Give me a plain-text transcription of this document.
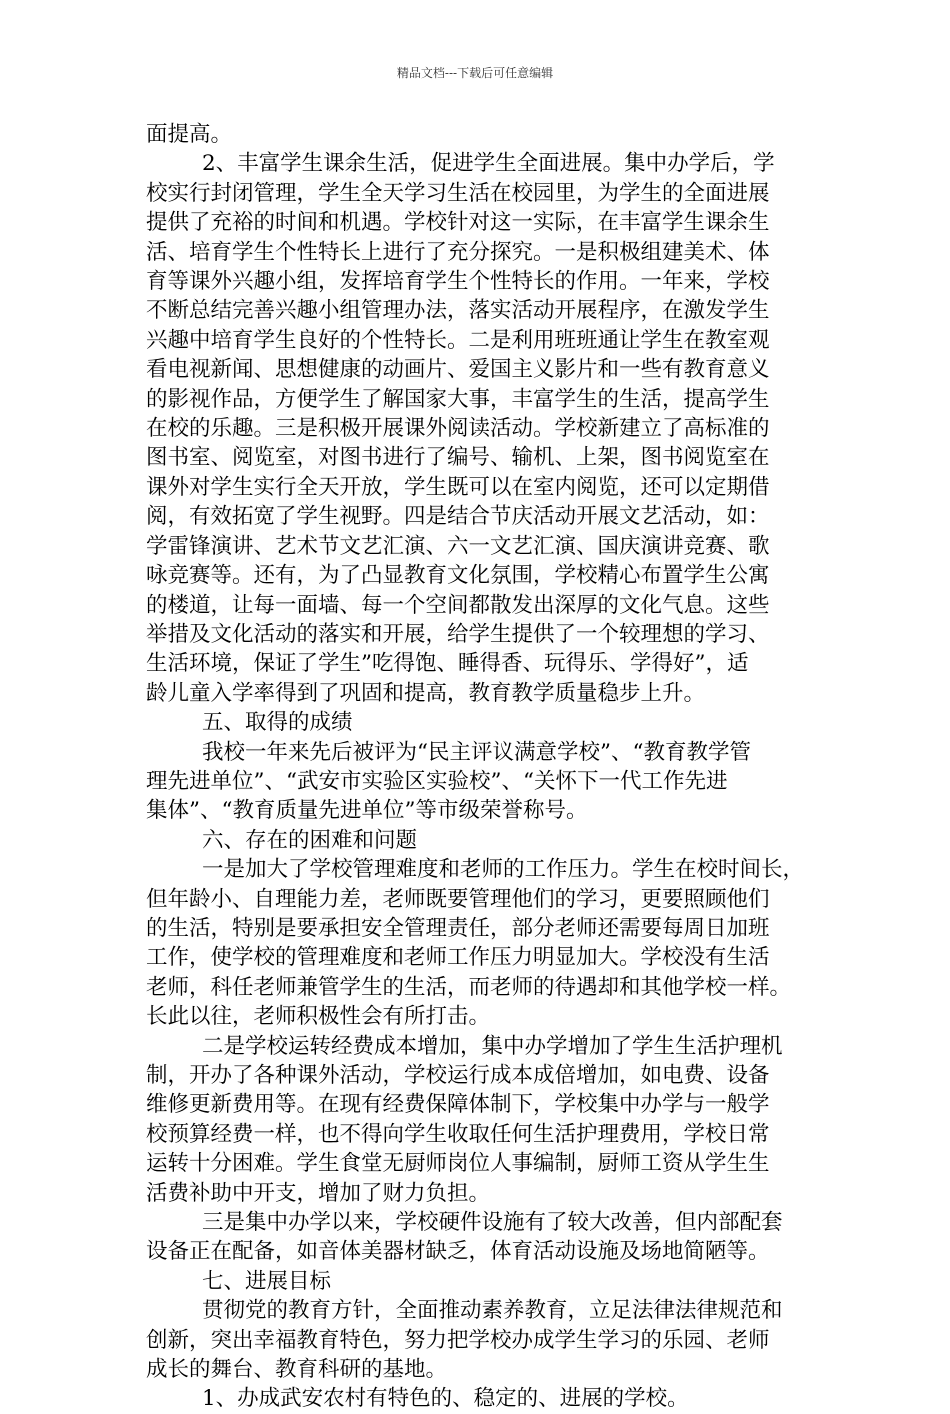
精品文档---下载后可任意编辑
面提高。
2、丰富学生课余生活，促进学生全面进展。集中办学后，学
校实行封闭管理，学生全天学习生活在校园里，为学生的全面进展
提供了充裕的时间和机遇。学校针对这一实际，在丰富学生课余生
活、培育学生个性特长上进行了充分探究。一是积极组建美术、体
育等课外兴趣小组，发挥培育学生个性特长的作用。一年来，学校
不断总结完善兴趣小组管理办法，落实活动开展程序，在激发学生
兴趣中培育学生良好的个性特长。二是利用班班通让学生在教室观
看电视新闻、思想健康的动画片、爱国主义影片和一些有教育意义
的影视作品，方便学生了解国家大事，丰富学生的生活，提高学生
在校的乐趣。三是积极开展课外阅读活动。学校新建立了高标准的
图书室、阅览室，对图书进行了编号、输机、上架，图书阅览室在
课外对学生实行全天开放，学生既可以在室内阅览，还可以定期借
阅，有效拓宽了学生视野。四是结合节庆活动开展文艺活动，如：
学雷锋演讲、艺术节文艺汇演、六一文艺汇演、国庆演讲竞赛、歌
咏竞赛等。还有，为了凸显教育文化氛围，学校精心布置学生公寓
的楼道，让每一面墙、每一个空间都散发出深厚的文化气息。这些
举措及文化活动的落实和开展，给学生提供了一个较理想的学习、
生活环境，保证了学生”吃得饱、睡得香、玩得乐、学得好”，适
龄儿童入学率得到了巩固和提高，教育教学质量稳步上升。
五、取得的成绩
我校一年来先后被评为“民主评议满意学校”、“教育教学管
理先进单位”、“武安市实验区实验校”、“关怀下一代工作先进
集体”、“教育质量先进单位”等市级荣誉称号。
六、存在的困难和问题
一是加大了学校管理难度和老师的工作压力。学生在校时间长，
但年龄小、自理能力差，老师既要管理他们的学习，更要照顾他们
的生活，特别是要承担安全管理责任，部分老师还需要每周日加班
工作，使学校的管理难度和老师工作压力明显加大。学校没有生活
老师，科任老师兼管学生的生活，而老师的待遇却和其他学校一样。
长此以往，老师积极性会有所打击。
二是学校运转经费成本增加，集中办学增加了学生生活护理机
制，开办了各种课外活动，学校运行成本成倍增加，如电费、设备
维修更新费用等。在现有经费保障体制下，学校集中办学与一般学
校预算经费一样，也不得向学生收取任何生活护理费用，学校日常
运转十分困难。学生食堂无厨师岗位人事编制，厨师工资从学生生
活费补助中开支，增加了财力负担。
三是集中办学以来，学校硬件设施有了较大改善，但内部配套
设备正在配备，如音体美器材缺乏，体育活动设施及场地简陋等。
七、进展目标
贯彻党的教育方针，全面推动素养教育，立足法律法律规范和
创新，突出幸福教育特色，努力把学校办成学生学习的乐园、老师
成长的舞台、教育科研的基地。
1、办成武安农村有特色的、稳定的、进展的学校。
